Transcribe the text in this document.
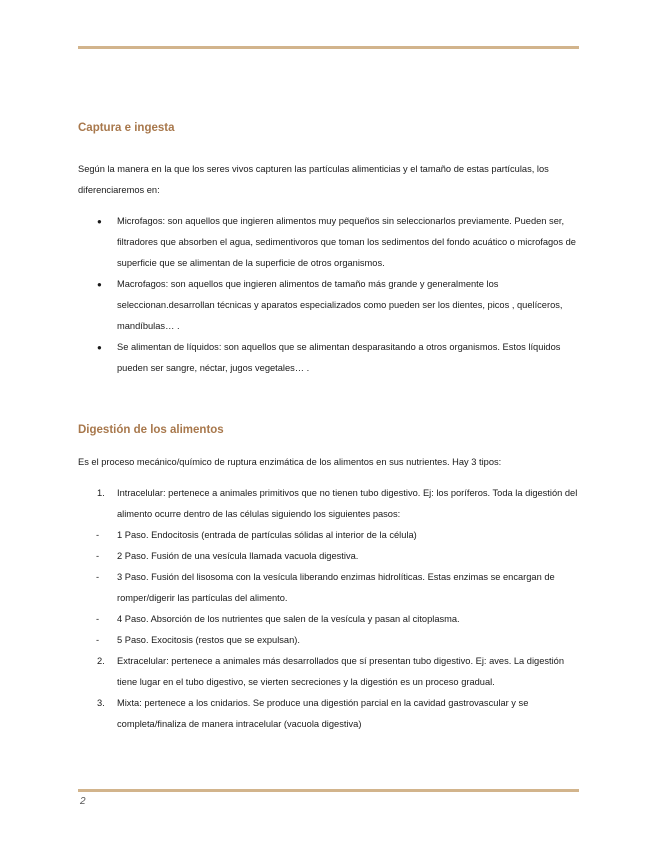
Captura e ingesta

Según la manera en la que los seres vivos capturen las partículas alimenticias y el tamaño de estas partículas, los diferenciaremos en:

● Microfagos: son aquellos que ingieren alimentos muy pequeños sin seleccionarlos previamente. Pueden ser, filtradores que absorben el agua, sedimentivoros que toman los sedimentos del fondo acuático o microfagos de superficie que se alimentan de la superficie de otros organismos.
● Macrofagos: son aquellos que ingieren alimentos de tamaño más grande y generalmente los seleccionan.desarrollan técnicas y aparatos especializados como pueden ser los dientes, picos , quelíceros, mandíbulas… .
● Se alimentan de líquidos: son aquellos que se alimentan desparasitando a otros organismos. Estos líquidos pueden ser sangre, néctar, jugos vegetales… .
Digestión de los alimentos

Es el proceso mecánico/químico de ruptura enzimática de los alimentos en sus nutrientes. Hay 3 tipos:

1. Intracelular: pertenece a animales primitivos que no tienen tubo digestivo. Ej: los poríferos. Toda la digestión del alimento ocurre dentro de las células siguiendo los siguientes pasos:
- 1 Paso. Endocitosis (entrada de partículas sólidas al interior de la célula)
- 2 Paso. Fusión de una vesícula llamada vacuola digestiva.
- 3 Paso. Fusión del lisosoma con la vesícula liberando enzimas hidrolíticas. Estas enzimas se encargan de romper/digerir las partículas del alimento.
- 4 Paso. Absorción de los nutrientes que salen de la vesícula y pasan al citoplasma.
- 5 Paso. Exocitosis (restos que se expulsan).
2. Extracelular: pertenece a animales más desarrollados que sí presentan tubo digestivo. Ej: aves. La digestión tiene lugar en el tubo digestivo, se vierten secreciones y la digestión es un proceso gradual.
3. Mixta: pertenece a los cnidarios. Se produce una digestión parcial en la cavidad gastrovascular y se completa/finaliza de manera intracelular (vacuola digestiva)
2
